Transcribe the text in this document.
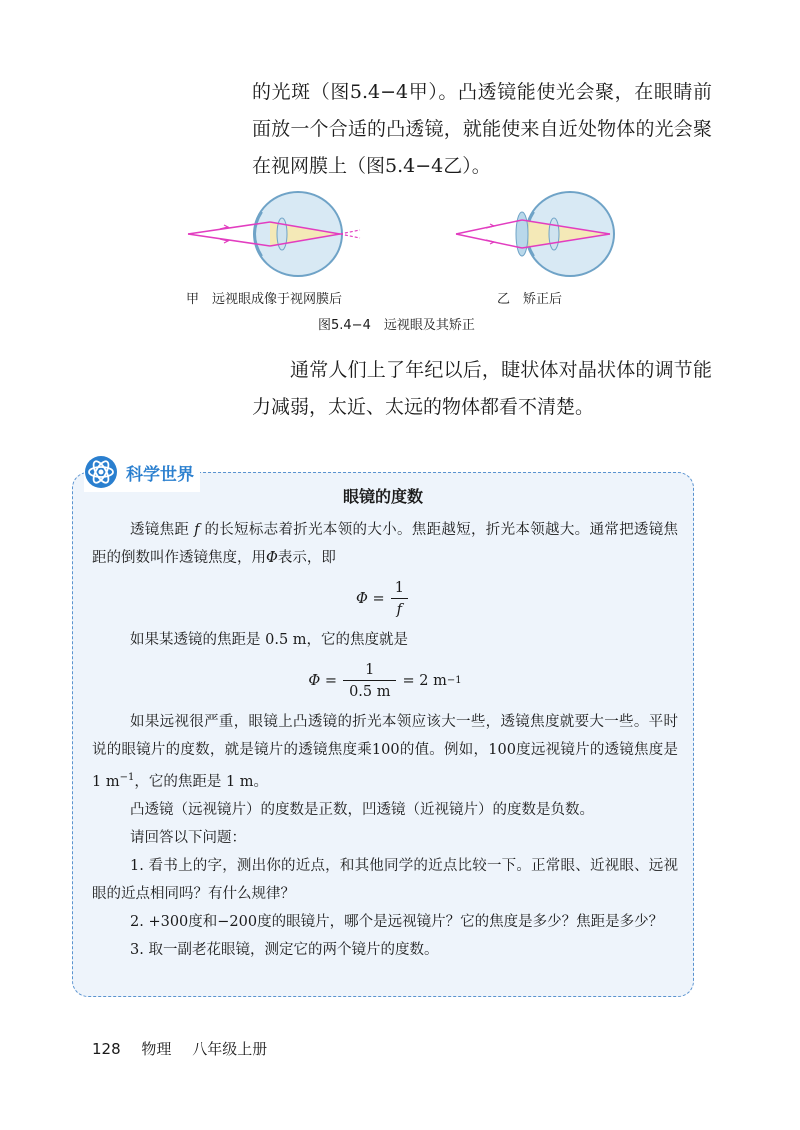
的光斑（图5.4−4甲）。凸透镜能使光会聚，在眼睛前面放一个合适的凸透镜，就能使来自近处物体的光会聚在视网膜上（图5.4−4乙）。

甲　远视眼成像于视网膜后	乙　矫正后
图5.4−4　远视眼及其矫正
通常人们上了年纪以后，睫状体对晶状体的调节能力减弱，太近、太远的物体都看不清楚。
科学世界
眼镜的度数

透镜焦距 f 的长短标志着折光本领的大小。焦距越短，折光本领越大。通常把透镜焦距的倒数叫作透镜焦度，用Φ表示，即

$\Phi = \frac{1}{f}$

如果某透镜的焦距是 0.5 m，它的焦度就是

$\Phi = \frac{1}{0.5 m} = 2$ m −1

如果远视很严重，眼镜上凸透镜的折光本领应该大一些，透镜焦度就要大一些。平时说的眼镜片的度数，就是镜片的透镜焦度乘100的值。例如，100度远视镜片的透镜焦度是 1 $m^{-1}$，它的焦距是 1 m。

凸透镜（远视镜片）的度数是正数，凹透镜（近视镜片）的度数是负数。

请回答以下问题：

1. 看书上的字，测出你的近点，和其他同学的近点比较一下。正常眼、近视眼、远视眼的近点相同吗？有什么规律？

2. +300度和−200度的眼镜片，哪个是远视镜片？它的焦度是多少？焦距是多少？

3. 取一副老花眼镜，测定它的两个镜片的度数。

128 物理 八年级上册
